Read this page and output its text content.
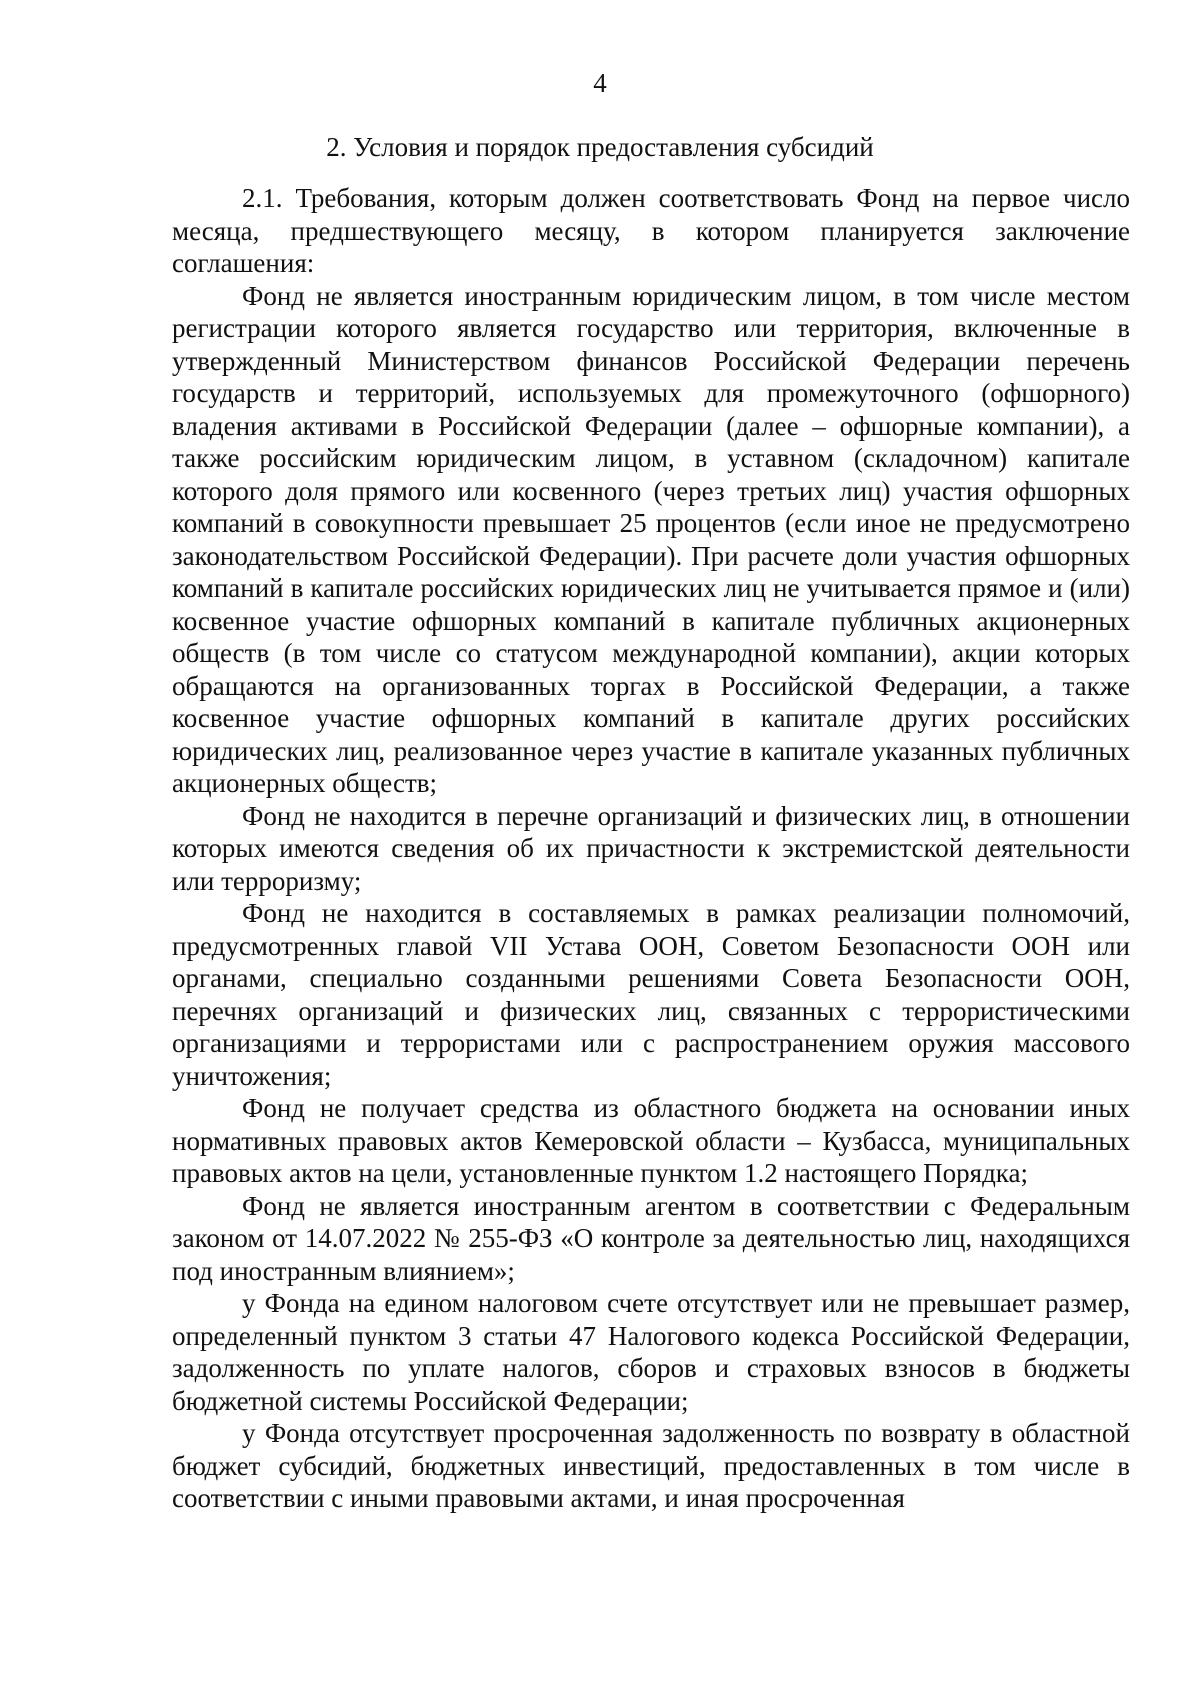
4
2. Условия и порядок предоставления субсидий

2.1. Требования, которым должен соответствовать Фонд на первое число месяца, предшествующего месяцу, в котором планируется заключение соглашения:

Фонд не является иностранным юридическим лицом, в том числе местом регистрации которого является государство или территория, включенные в утвержденный Министерством финансов Российской Федерации перечень государств и территорий, используемых для промежуточного (офшорного) владения активами в Российской Федерации (далее – офшорные компании), а также российским юридическим лицом, в уставном (складочном) капитале которого доля прямого или косвенного (через третьих лиц) участия офшорных компаний в совокупности превышает 25 процентов (если иное не предусмотрено законодательством Российской Федерации). При расчете доли участия офшорных компаний в капитале российских юридических лиц не учитывается прямое и (или) косвенное участие офшорных компаний в капитале публичных акционерных обществ (в том числе со статусом международной компании), акции которых обращаются на организованных торгах в Российской Федерации, а также косвенное участие офшорных компаний в капитале других российских юридических лиц, реализованное через участие в капитале указанных публичных акционерных обществ;

Фонд не находится в перечне организаций и физических лиц, в отношении которых имеются сведения об их причастности к экстремистской деятельности или терроризму;

Фонд не находится в составляемых в рамках реализации полномочий, предусмотренных главой VII Устава ООН, Советом Безопасности ООН или органами, специально созданными решениями Совета Безопасности ООН, перечнях организаций и физических лиц, связанных с террористическими организациями и террористами или с распространением оружия массового уничтожения;

Фонд не получает средства из областного бюджета на основании иных нормативных правовых актов Кемеровской области – Кузбасса, муниципальных правовых актов на цели, установленные пунктом 1.2 настоящего Порядка;

Фонд не является иностранным агентом в соответствии с Федеральным законом от 14.07.2022 № 255-ФЗ «О контроле за деятельностью лиц, находящихся под иностранным влиянием»;

у Фонда на едином налоговом счете отсутствует или не превышает размер, определенный пунктом 3 статьи 47 Налогового кодекса Российской Федерации, задолженность по уплате налогов, сборов и страховых взносов в бюджеты бюджетной системы Российской Федерации;

у Фонда отсутствует просроченная задолженность по возврату в областной бюджет субсидий, бюджетных инвестиций, предоставленных в том числе в соответствии с иными правовыми актами, и иная просроченная
